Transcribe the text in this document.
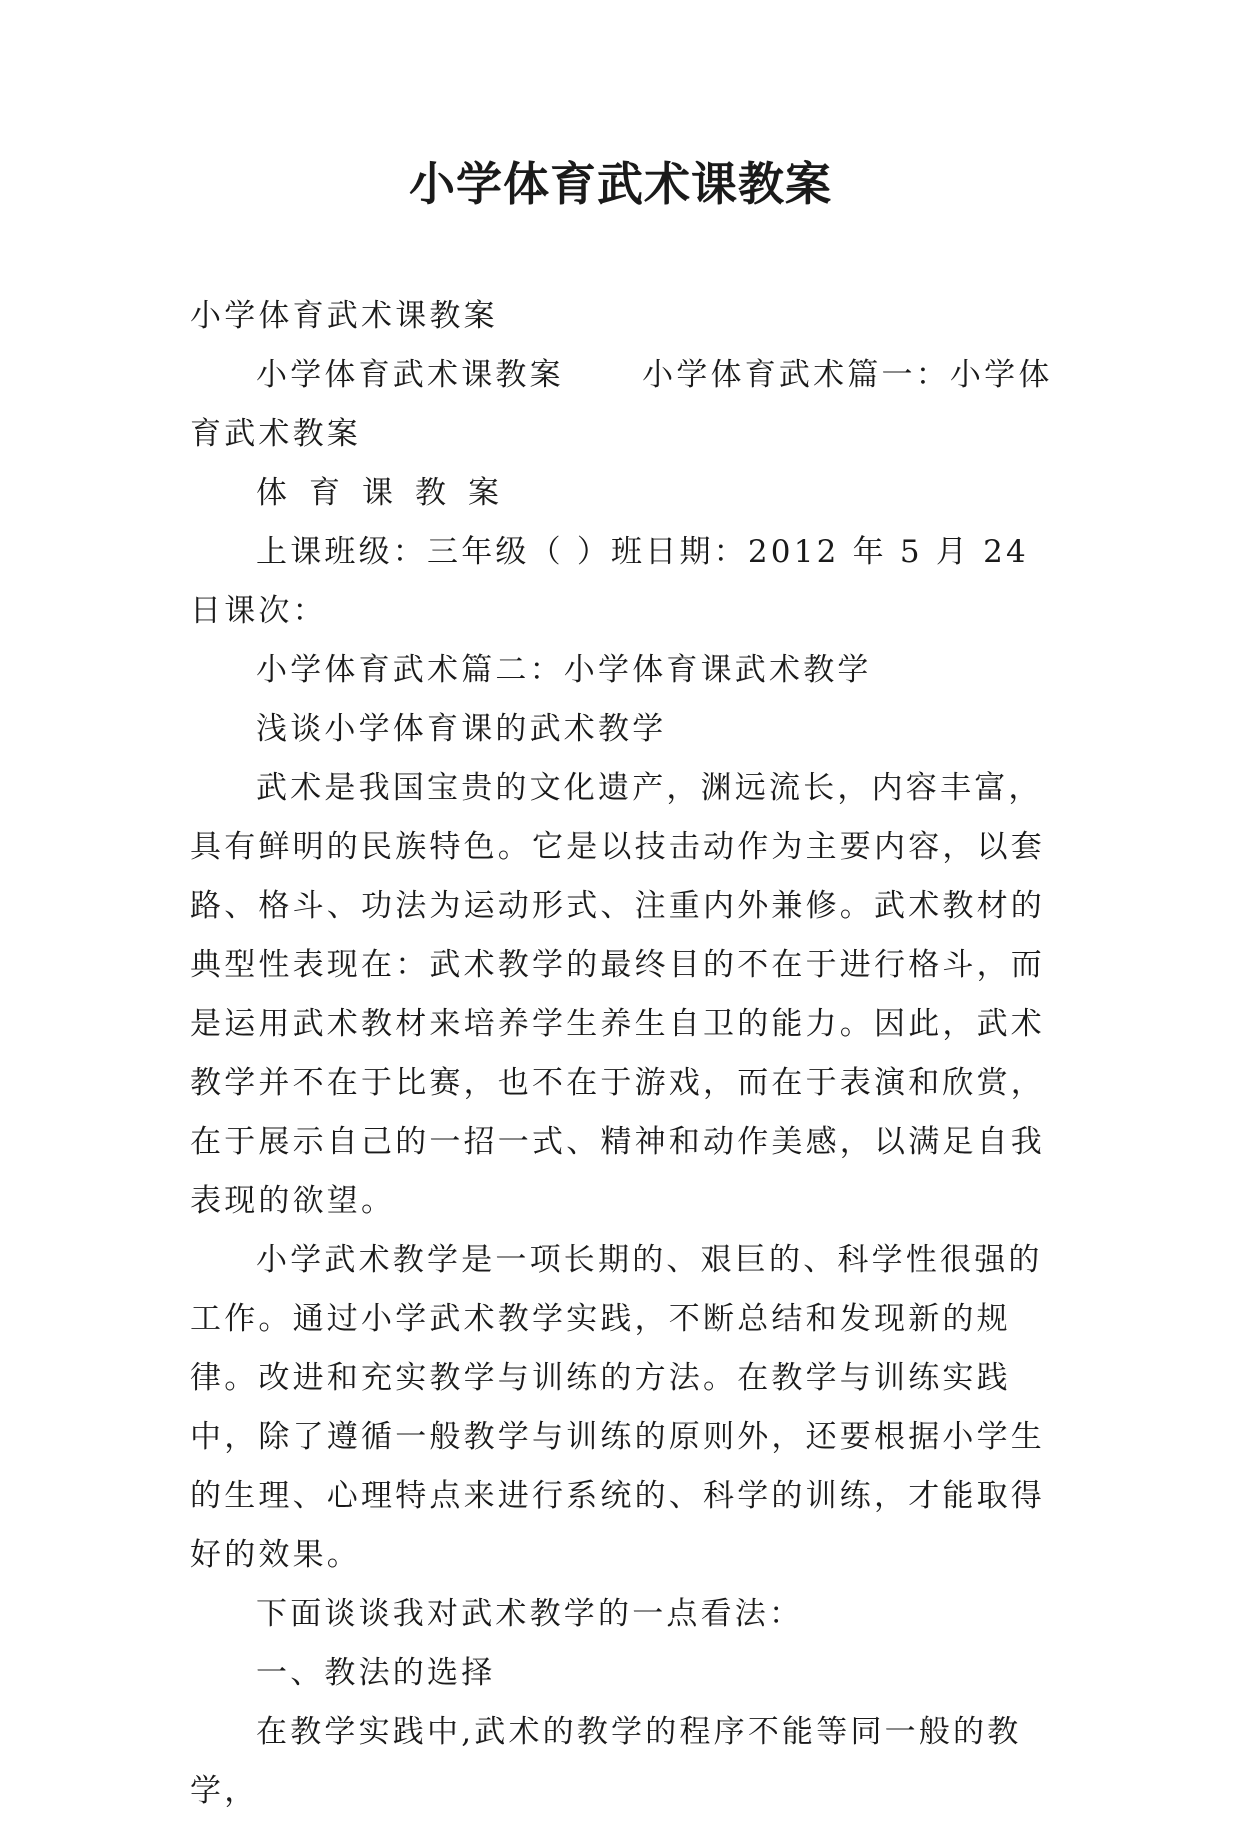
小学体育武术课教案

小学体育武术课教案

小学体育武术课教案      小学体育武术篇一：小学体育武术教案

体育课教案

上课班级：三年级（ ）班日期：2012 年 5 月 24 日课次：

小学体育武术篇二：小学体育课武术教学

浅谈小学体育课的武术教学

武术是我国宝贵的文化遗产，渊远流长，内容丰富，具有鲜明的民族特色。它是以技击动作为主要内容，以套路、格斗、功法为运动形式、注重内外兼修。武术教材的典型性表现在：武术教学的最终目的不在于进行格斗，而是运用武术教材来培养学生养生自卫的能力。因此，武术教学并不在于比赛，也不在于游戏，而在于表演和欣赏，在于展示自己的一招一式、精神和动作美感，以满足自我表现的欲望。

小学武术教学是一项长期的、艰巨的、科学性很强的工作。通过小学武术教学实践，不断总结和发现新的规律。改进和充实教学与训练的方法。在教学与训练实践中，除了遵循一般教学与训练的原则外，还要根据小学生的生理、心理特点来进行系统的、科学的训练，才能取得好的效果。

下面谈谈我对武术教学的一点看法：

一、教法的选择

在教学实践中,武术的教学的程序不能等同一般的教学，
